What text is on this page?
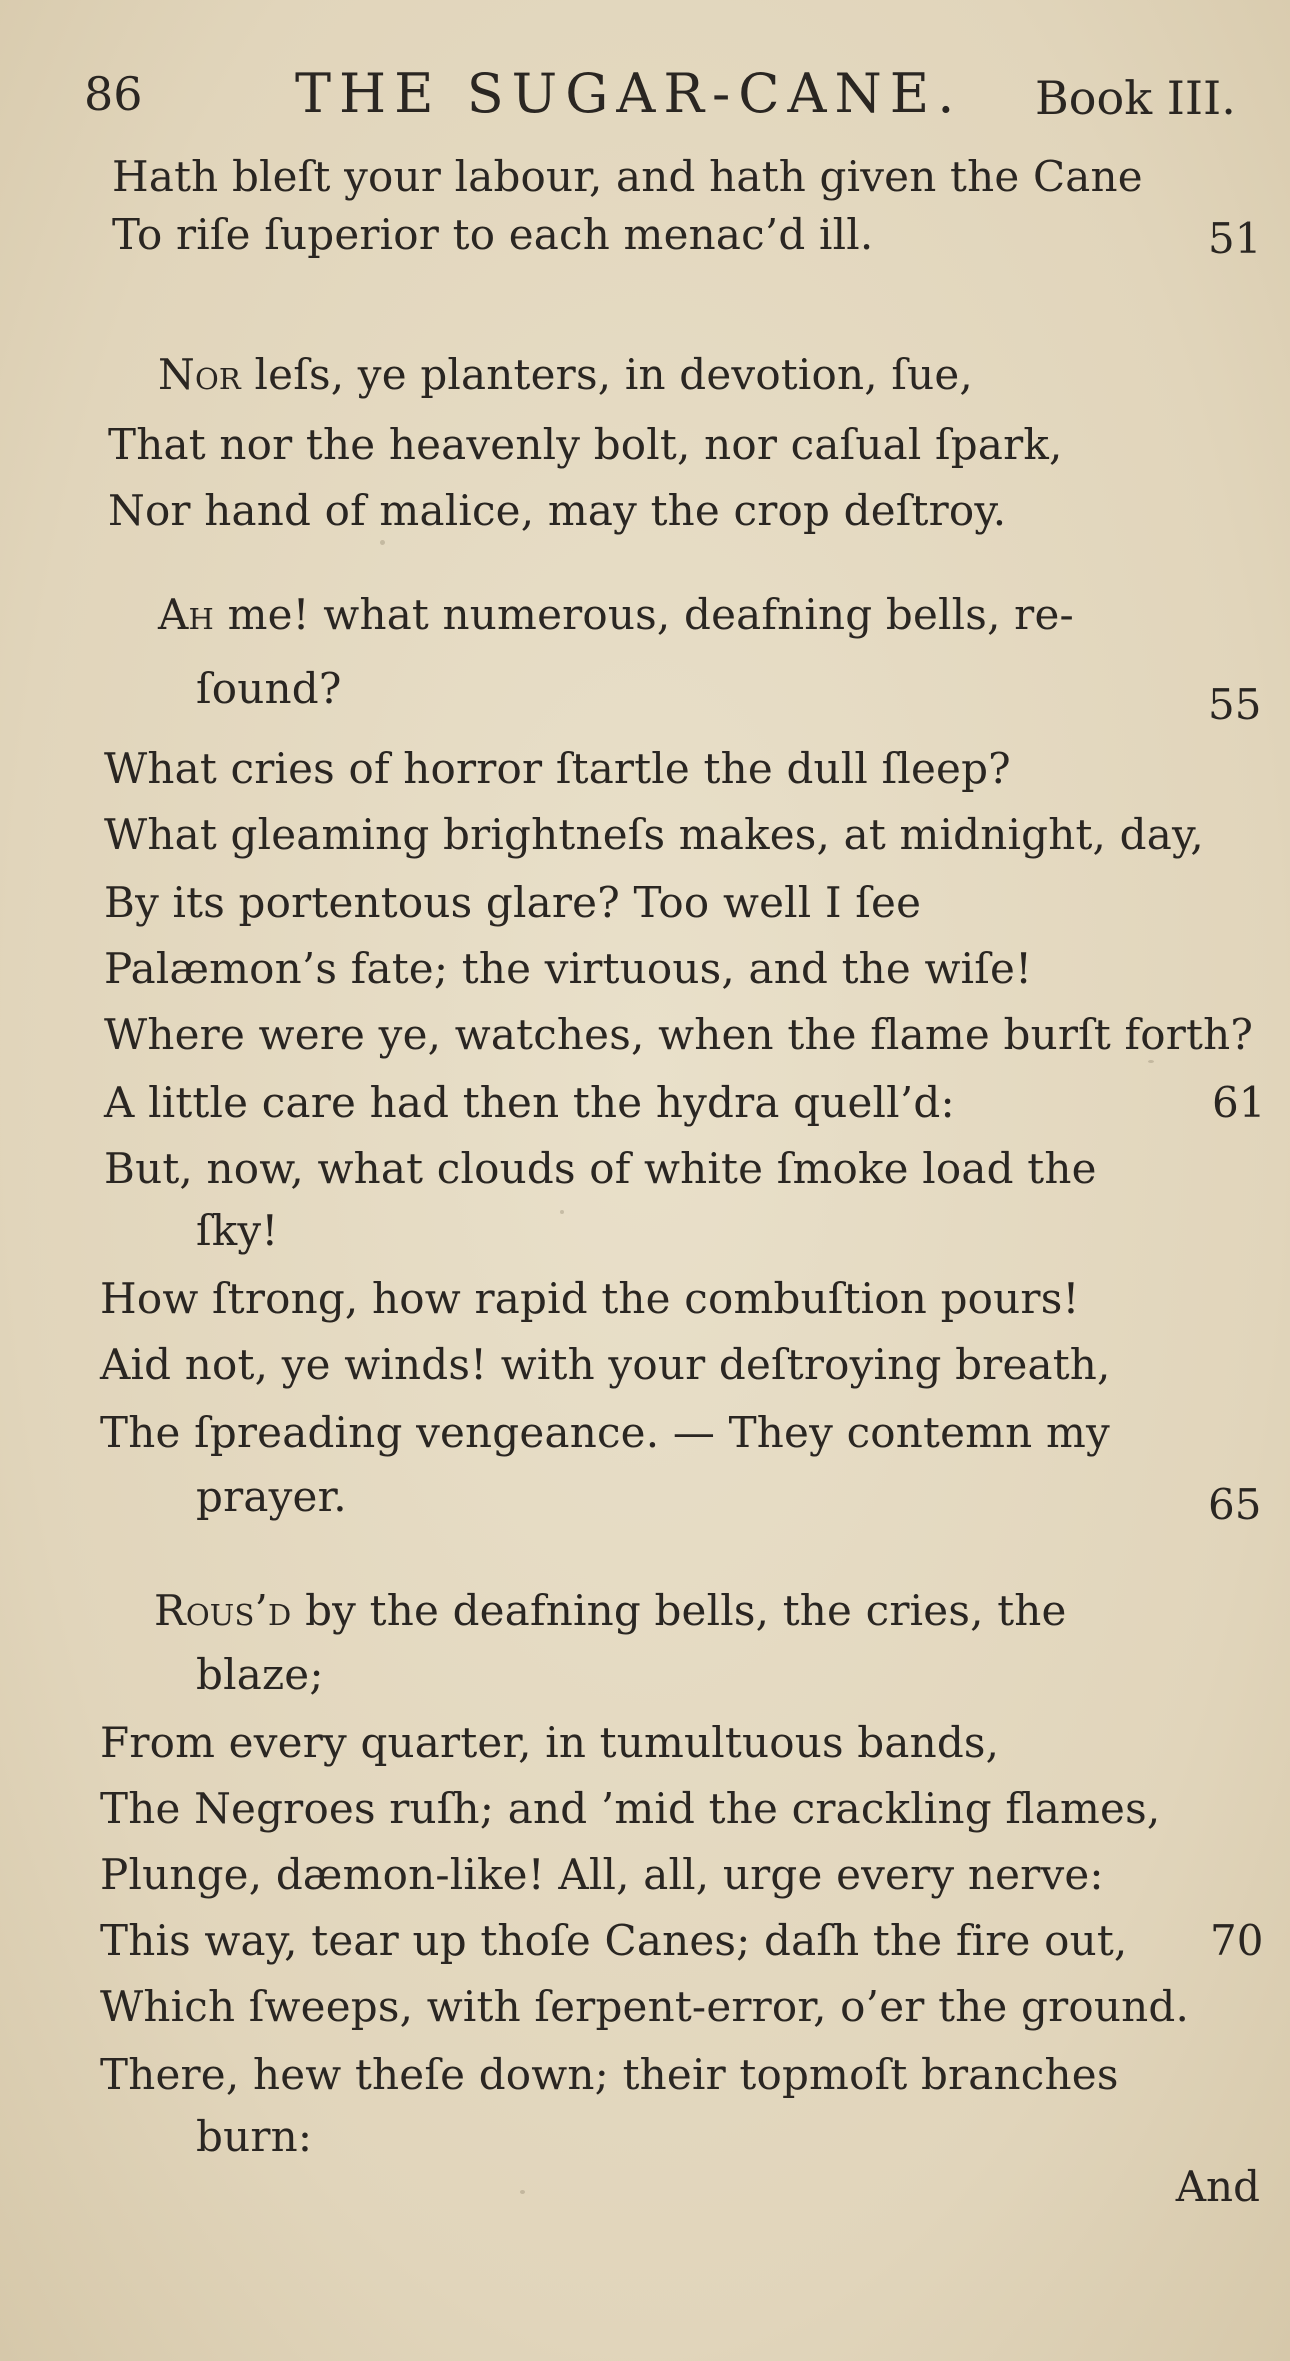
86	THE SUGAR-CANE. Book III.
Hath bleſt your labour, and hath given the Cane
To riſe ſuperior to each menac’d ill.	51
Nor leſs, ye planters, in devotion, ſue,
That nor the heavenly bolt, nor caſual ſpark,
Nor hand of malice, may the crop deſtroy.
Ah me! what numerous, deafning bells, re-
ſound?	55
What cries of horror ſtartle the dull ſleep?
What gleaming brightneſs makes, at midnight, day,
By its portentous glare? Too well I ſee
Palæmon’s fate; the virtuous, and the wiſe!
Where were ye, watches, when the flame burſt forth?
A little care had then the hydra quell’d:	61
But, now, what clouds of white ſmoke load the
ſky!
How ſtrong, how rapid the combuſtion pours!
Aid not, ye winds! with your deſtroying breath,
The ſpreading vengeance. — They contemn my
prayer.	65
Rous’d by the deafning bells, the cries, the
blaze;
From every quarter, in tumultuous bands,
The Negroes ruſh; and ’mid the crackling flames,
Plunge, dæmon-like! All, all, urge every nerve:
This way, tear up thoſe Canes; daſh the fire out, 70
Which ſweeps, with ſerpent-error, o’er the ground.
There, hew theſe down; their topmoſt branches
burn:
And
